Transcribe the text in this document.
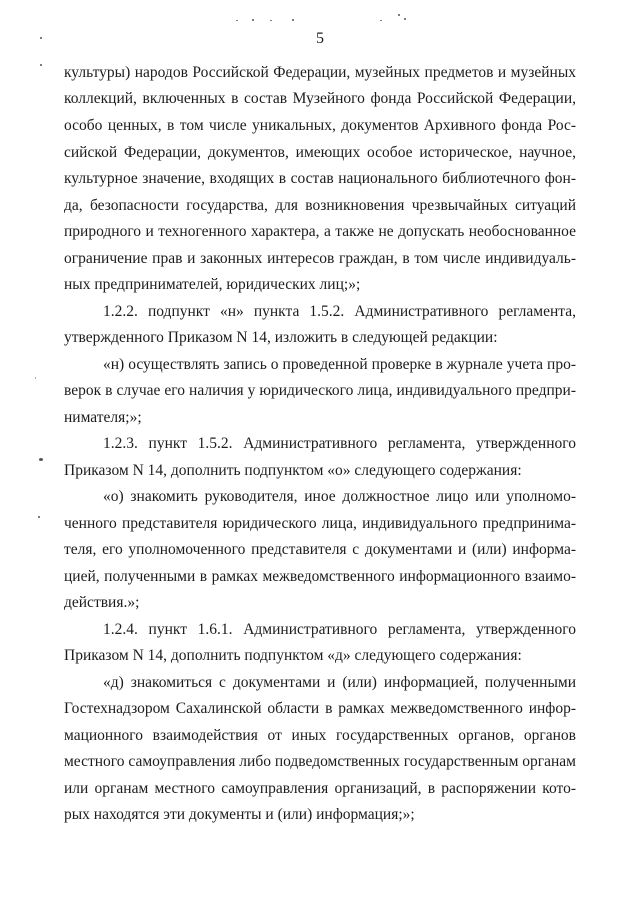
ʿ
5

культуры) народов Российской Федерации, музейных предметов и музейных

коллекций, включенных в состав Музейного фонда Российской Федерации,

особо ценных, в том числе уникальных, документов Архивного фонда Рос-

сийской Федерации, документов, имеющих особое историческое, научное,

культурное значение, входящих в состав национального библиотечного фон-

да, безопасности государства, для возникновения чрезвычайных ситуаций

природного и техногенного характера, а также не допускать необоснованное

ограничение прав и законных интересов граждан, в том числе индивидуаль-

ных предпринимателей, юридических лиц;»;

1.2.2. подпункт «н» пункта 1.5.2. Административного регламента,

утвержденного Приказом N 14, изложить в следующей редакции:

«н) осуществлять запись о проведенной проверке в журнале учета про-

верок в случае его наличия у юридического лица, индивидуального предпри-

нимателя;»;

1.2.3. пункт 1.5.2. Административного регламента, утвержденного

Приказом N 14, дополнить подпунктом «о» следующего содержания:

«о) знакомить руководителя, иное должностное лицо или уполномо-

ченного представителя юридического лица, индивидуального предпринима-

теля, его уполномоченного представителя с документами и (или) информа-

цией, полученными в рамках межведомственного информационного взаимо-

действия.»;

1.2.4. пункт 1.6.1. Административного регламента, утвержденного

Приказом N 14, дополнить подпунктом «д» следующего содержания:

«д) знакомиться с документами и (или) информацией, полученными

Гостехнадзором Сахалинской области в рамках межведомственного инфор-

мационного взаимодействия от иных государственных органов, органов

местного самоуправления либо подведомственных государственным органам

или органам местного самоуправления организаций, в распоряжении кото-

рых находятся эти документы и (или) информация;»;
